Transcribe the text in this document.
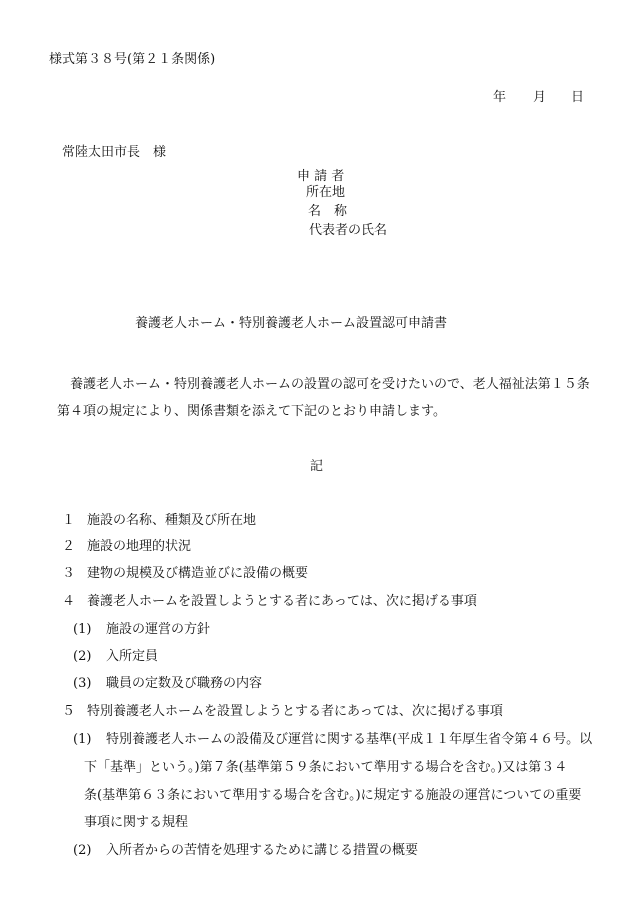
様式第３８号(第２１条関係)
年 月 日
常陸太田市長　様
申 請 者
所在地
名　称
代表者の氏名
養護老人ホーム・特別養護老人ホーム設置認可申請書
養護老人ホーム・特別養護老人ホームの設置の認可を受けたいので、老人福祉法第１５条
第４項の規定により、関係書類を添えて下記のとおり申請します。
記
１ 施設の名称、種類及び所在地
２ 施設の地理的状況
３ 建物の規模及び構造並びに設備の概要
４ 養護老人ホームを設置しようとする者にあっては、次に掲げる事項
(1) 施設の運営の方針
(2) 入所定員
(3) 職員の定数及び職務の内容
５ 特別養護老人ホームを設置しようとする者にあっては、次に掲げる事項
(1) 特別養護老人ホームの設備及び運営に関する基準(平成１１年厚生省令第４６号。以
下「基準」という。)第７条(基準第５９条において準用する場合を含む。)又は第３４
条(基準第６３条において準用する場合を含む。)に規定する施設の運営についての重要
事項に関する規程
(2) 入所者からの苦情を処理するために講じる措置の概要
